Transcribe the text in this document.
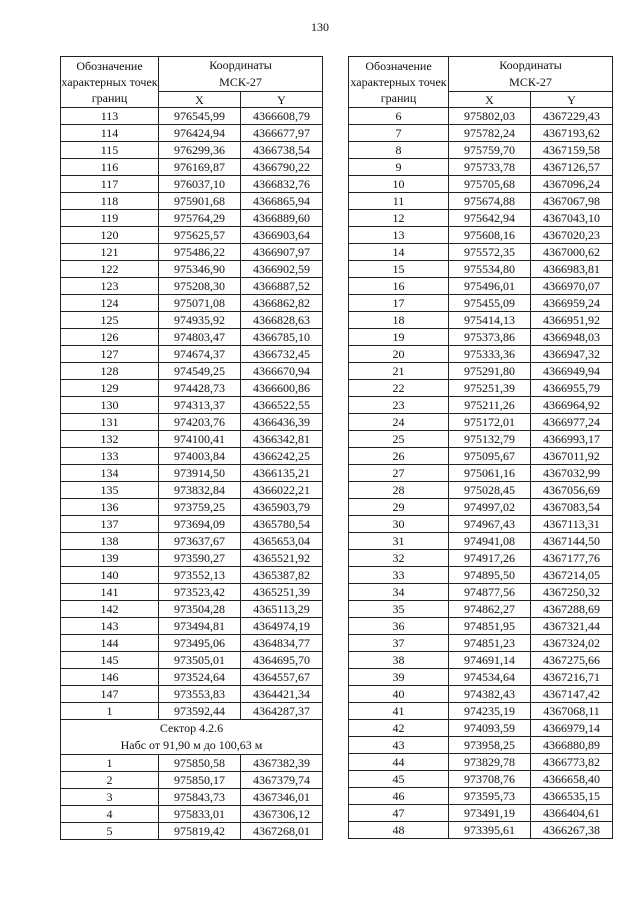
130
Обозначение характерных точек границ	Координаты
МСК-27	
	X	Y
113	976545,99	4366608,79
114	976424,94	4366677,97
115	976299,36	4366738,54
116	976169,87	4366790,22
117	976037,10	4366832,76
118	975901,68	4366865,94
119	975764,29	4366889,60
120	975625,57	4366903,64
121	975486,22	4366907,97
122	975346,90	4366902,59
123	975208,30	4366887,52
124	975071,08	4366862,82
125	974935,92	4366828,63
126	974803,47	4366785,10
127	974674,37	4366732,45
128	974549,25	4366670,94
129	974428,73	4366600,86
130	974313,37	4366522,55
131	974203,76	4366436,39
132	974100,41	4366342,81
133	974003,84	4366242,25
134	973914,50	4366135,21
135	973832,84	4366022,21
136	973759,25	4365903,79
137	973694,09	4365780,54
138	973637,67	4365653,04
139	973590,27	4365521,92
140	973552,13	4365387,82
141	973523,42	4365251,39
142	973504,28	4365113,29
143	973494,81	4364974,19
144	973495,06	4364834,77
145	973505,01	4364695,70
146	973524,64	4364557,67
147	973553,83	4364421,34
1	973592,44	4364287,37
Сектор 4.2.6
Набс от 91,90 м до 100,63 м		
1	975850,58	4367382,39
2	975850,17	4367379,74
3	975843,73	4367346,01
4	975833,01	4367306,12
5	975819,42	4367268,01
Обозначение характерных точек границ	Координаты
МСК-27	
	X	Y
6	975802,03	4367229,43
7	975782,24	4367193,62
8	975759,70	4367159,58
9	975733,78	4367126,57
10	975705,68	4367096,24
11	975674,88	4367067,98
12	975642,94	4367043,10
13	975608,16	4367020,23
14	975572,35	4367000,62
15	975534,80	4366983,81
16	975496,01	4366970,07
17	975455,09	4366959,24
18	975414,13	4366951,92
19	975373,86	4366948,03
20	975333,36	4366947,32
21	975291,80	4366949,94
22	975251,39	4366955,79
23	975211,26	4366964,92
24	975172,01	4366977,24
25	975132,79	4366993,17
26	975095,67	4367011,92
27	975061,16	4367032,99
28	975028,45	4367056,69
29	974997,02	4367083,54
30	974967,43	4367113,31
31	974941,08	4367144,50
32	974917,26	4367177,76
33	974895,50	4367214,05
34	974877,56	4367250,32
35	974862,27	4367288,69
36	974851,95	4367321,44
37	974851,23	4367324,02
38	974691,14	4367275,66
39	974534,64	4367216,71
40	974382,43	4367147,42
41	974235,19	4367068,11
42	974093,59	4366979,14
43	973958,25	4366880,89
44	973829,78	4366773,82
45	973708,76	4366658,40
46	973595,73	4366535,15
47	973491,19	4366404,61
48	973395,61	4366267,38
